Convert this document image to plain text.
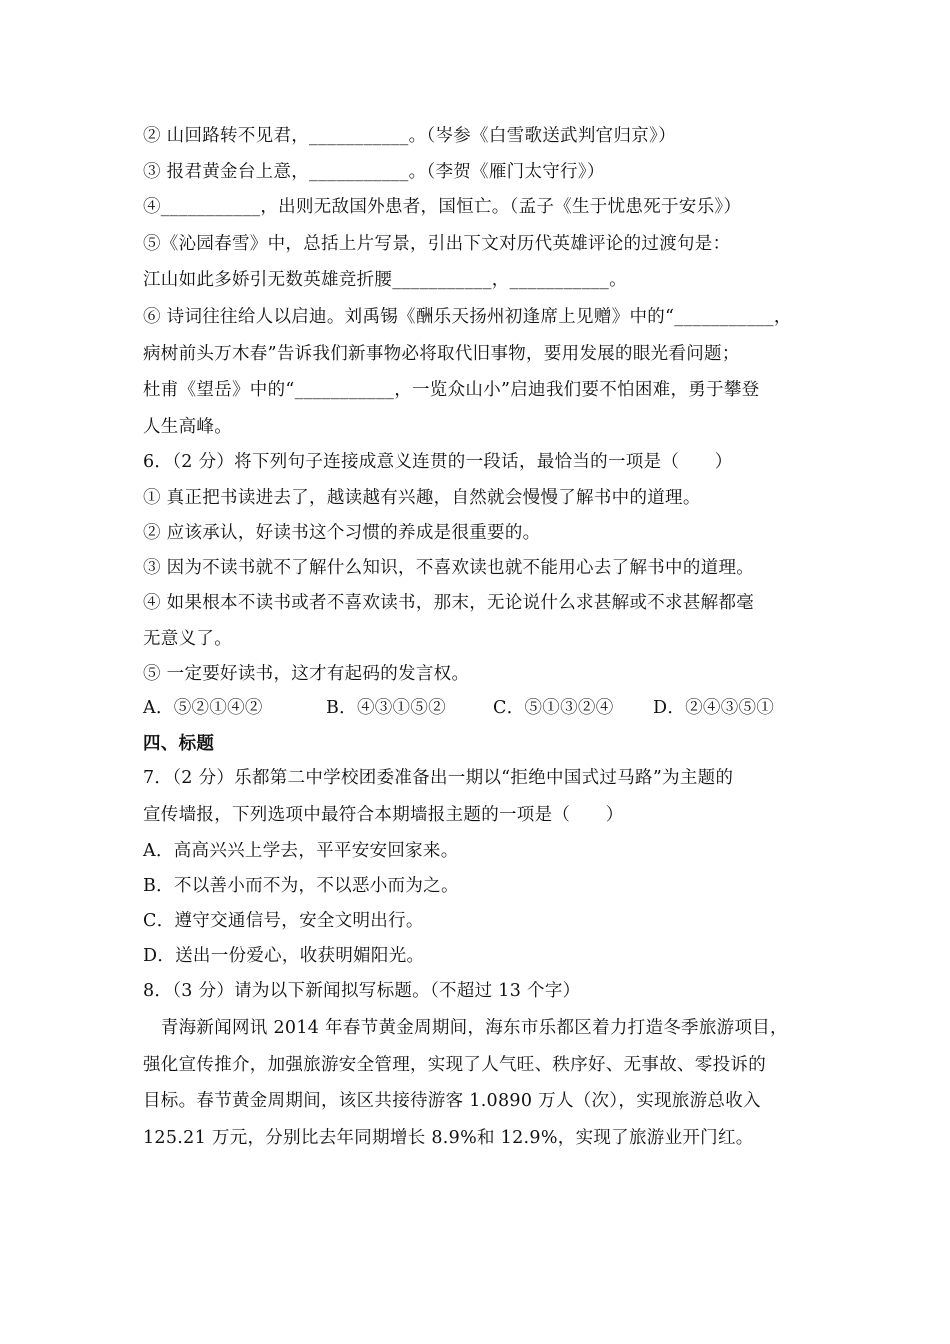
② 山回路转不见君，___________。（岑参《白雪歌送武判官归京》）
③ 报君黄金台上意，___________。（李贺《雁门太守行》）
④___________，出则无敌国外患者，国恒亡。（孟子《生于忧患死于安乐》）
⑤《沁园春雪》中，总括上片写景，引出下文对历代英雄评论的过渡句是：
江山如此多娇引无数英雄竞折腰___________，___________。
⑥ 诗词往往给人以启迪。刘禹锡《酬乐天扬州初逢席上见赠》中的“___________，
病树前头万木春”告诉我们新事物必将取代旧事物，要用发展的眼光看问题；
杜甫《望岳》中的“___________，一览众山小”启迪我们要不怕困难，勇于攀登
人生高峰。
6．（2 分）将下列句子连接成意义连贯的一段话，最恰当的一项是（　　）
① 真正把书读进去了，越读越有兴趣，自然就会慢慢了解书中的道理。
② 应该承认，好读书这个习惯的养成是很重要的。
③ 因为不读书就不了解什么知识，不喜欢读也就不能用心去了解书中的道理。
④ 如果根本不读书或者不喜欢读书，那末，无论说什么求甚解或不求甚解都毫
无意义了。
⑤ 一定要好读书，这才有起码的发言权。
A．⑤②①④②	B．④③①⑤②	C．⑤①③②④ D．②④③⑤①
四、标题
7．（2 分）乐都第二中学校团委准备出一期以“拒绝中国式过马路”为主题的
宣传墙报，下列选项中最符合本期墙报主题的一项是（　　）
A．高高兴兴上学去，平平安安回家来。
B．不以善小而不为，不以恶小而为之。
C．遵守交通信号，安全文明出行。
D．送出一份爱心，收获明媚阳光。
8．（3 分）请为以下新闻拟写标题。（不超过 13 个字）
　青海新闻网讯 2014 年春节黄金周期间，海东市乐都区着力打造冬季旅游项目，
强化宣传推介，加强旅游安全管理，实现了人气旺、秩序好、无事故、零投诉的
目标。春节黄金周期间，该区共接待游客 1.0890 万人（次），实现旅游总收入
125.21 万元，分别比去年同期增长 8.9%和 12.9%，实现了旅游业开门红。
